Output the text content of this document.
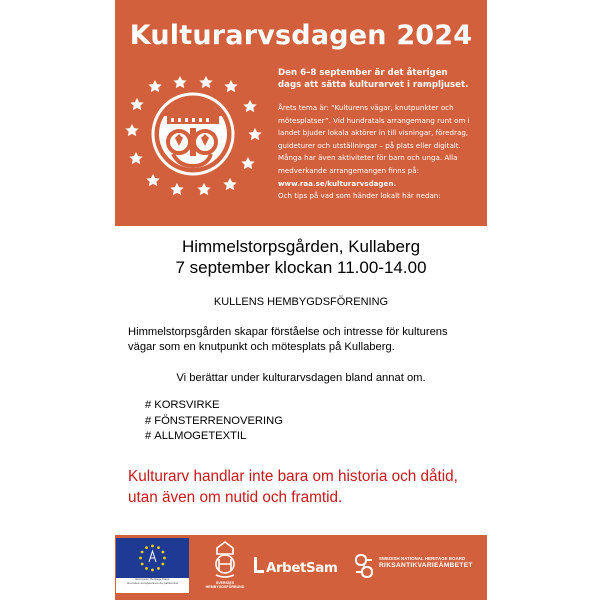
Kulturarvsdagen 2024
Den 6–8 september är det återigen
dags att sätta kulturarvet i rampljuset.
Årets tema är: “Kulturens vägar, knutpunkter och
mötesplatser”. Vid hundratals arrangemang runt om i
landet bjuder lokala aktörer in till visningar, föredrag,
guideturer och utställningar – på plats eller digitalt.
Många har även aktiviteter för barn och unga. Alla
medverkande arrangemangen finns på:
www.raa.se/kulturarvsdagen.
Och tips på vad som händer lokalt här nedan:
Himmelstorpsgården, Kullaberg
7 september klockan 11.00-14.00
KULLENS HEMBYGDSFÖRENING
Himmelstorpsgården skapar förståelse och intresse för kulturens vägar som en knutpunkt och mötesplats på Kullaberg.
Vi berättar under kulturarvsdagen bland annat om.
# KORSVIRKE
# FÖNSTERRENOVERING
# ALLMOGETEXTIL
Kulturarv handlar inte bara om historia och dåtid, utan även om nutid och framtid.
European Heritage Days
Journées européennes du patrimoine	SVERIGES
HEMBYGDSFÖRBUND
ArbetSam
SWEDISH NATIONAL HERITAGE BOARD
RIKSANTIKVARIEÄMBETET
